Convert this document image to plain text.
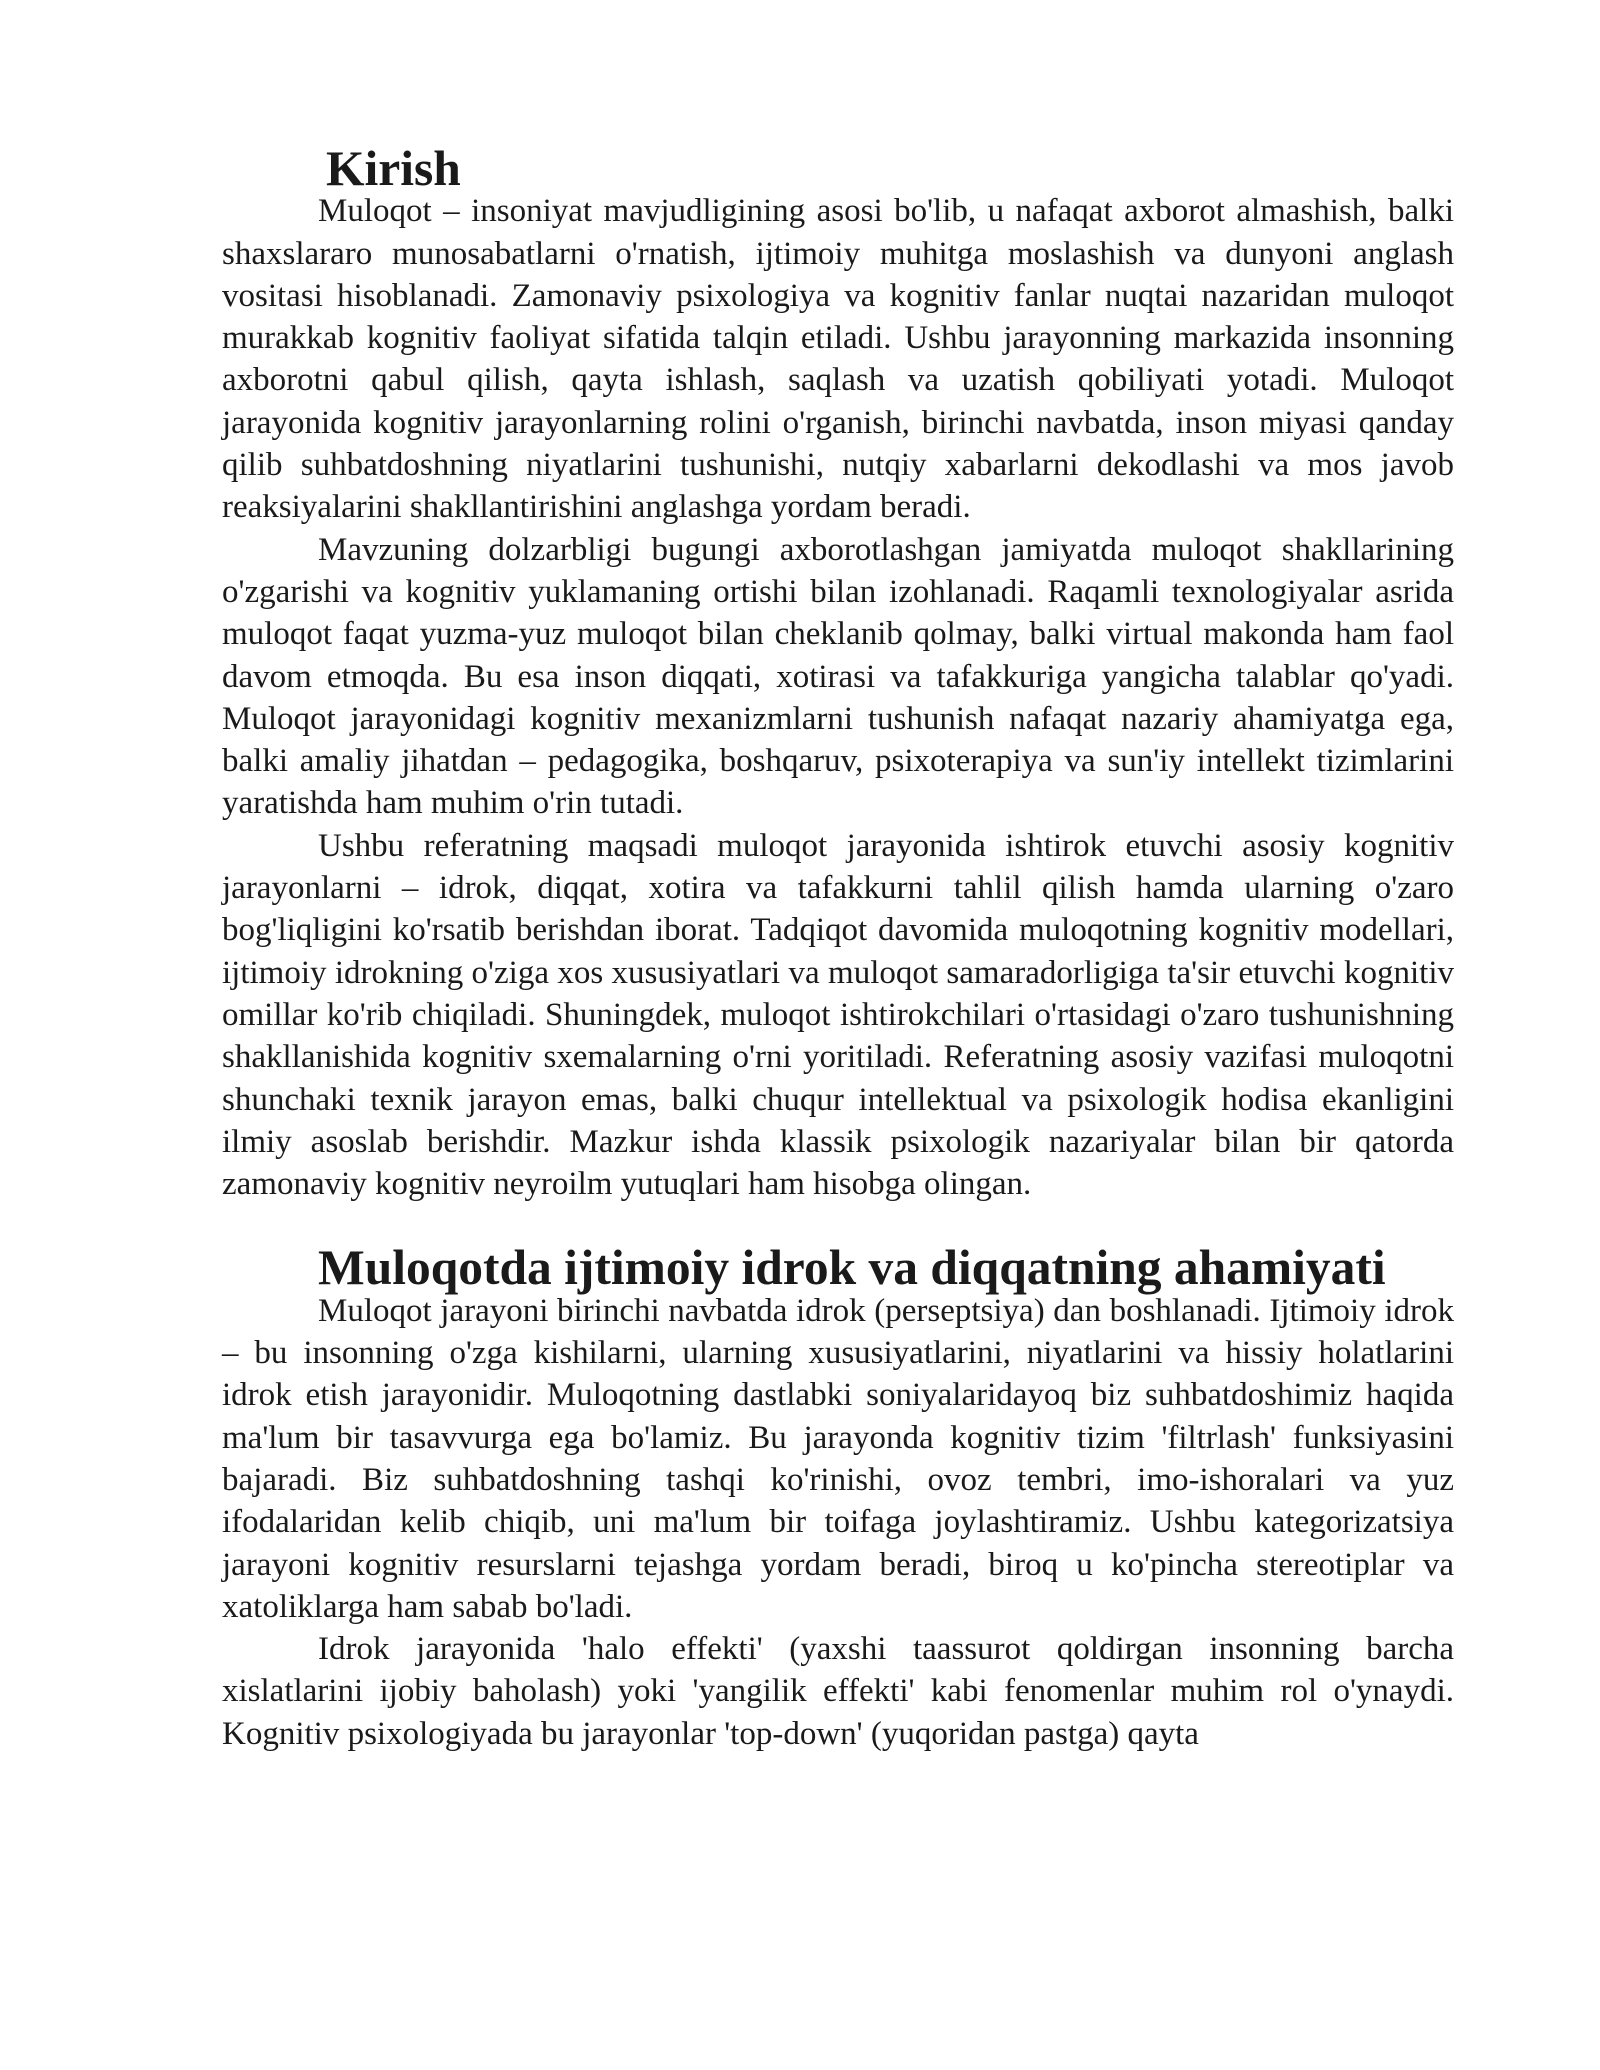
Kirish

Muloqot – insoniyat mavjudligining asosi bo'lib, u nafaqat axborot almashish, balki shaxslararo munosabatlarni o'rnatish, ijtimoiy muhitga moslashish va dunyoni anglash vositasi hisoblanadi. Zamonaviy psixologiya va kognitiv fanlar nuqtai nazaridan muloqot murakkab kognitiv faoliyat sifatida talqin etiladi. Ushbu jarayonning markazida insonning axborotni qabul qilish, qayta ishlash, saqlash va uzatish qobiliyati yotadi. Muloqot jarayonida kognitiv jarayonlarning rolini o'rganish, birinchi navbatda, inson miyasi qanday qilib suhbatdoshning niyatlarini tushunishi, nutqiy xabarlarni dekodlashi va mos javob reaksiyalarini shakllantirishini anglashga yordam beradi.

Mavzuning dolzarbligi bugungi axborotlashgan jamiyatda muloqot shakllarining o'zgarishi va kognitiv yuklamaning ortishi bilan izohlanadi. Raqamli texnologiyalar asrida muloqot faqat yuzma-yuz muloqot bilan cheklanib qolmay, balki virtual makonda ham faol davom etmoqda. Bu esa inson diqqati, xotirasi va tafakkuriga yangicha talablar qo'yadi. Muloqot jarayonidagi kognitiv mexanizmlarni tushunish nafaqat nazariy ahamiyatga ega, balki amaliy jihatdan – pedagogika, boshqaruv, psixoterapiya va sun'iy intellekt tizimlarini yaratishda ham muhim o'rin tutadi.

Ushbu referatning maqsadi muloqot jarayonida ishtirok etuvchi asosiy kognitiv jarayonlarni – idrok, diqqat, xotira va tafakkurni tahlil qilish hamda ularning o'zaro bog'liqligini ko'rsatib berishdan iborat. Tadqiqot davomida muloqotning kognitiv modellari, ijtimoiy idrokning o'ziga xos xususiyatlari va muloqot samaradorligiga ta'sir etuvchi kognitiv omillar ko'rib chiqiladi. Shuningdek, muloqot ishtirokchilari o'rtasidagi o'zaro tushunishning shakllanishida kognitiv sxemalarning o'rni yoritiladi. Referatning asosiy vazifasi muloqotni shunchaki texnik jarayon emas, balki chuqur intellektual va psixologik hodisa ekanligini ilmiy asoslab berishdir. Mazkur ishda klassik psixologik nazariyalar bilan bir qatorda zamonaviy kognitiv neyroilm yutuqlari ham hisobga olingan.

Muloqotda ijtimoiy idrok va diqqatning ahamiyati

Muloqot jarayoni birinchi navbatda idrok (perseptsiya) dan boshlanadi. Ijtimoiy idrok – bu insonning o'zga kishilarni, ularning xususiyatlarini, niyatlarini va hissiy holatlarini idrok etish jarayonidir. Muloqotning dastlabki soniyalaridayoq biz suhbatdoshimiz haqida ma'lum bir tasavvurga ega bo'lamiz. Bu jarayonda kognitiv tizim 'filtrlash' funksiyasini bajaradi. Biz suhbatdoshning tashqi ko'rinishi, ovoz tembri, imo-ishoralari va yuz ifodalaridan kelib chiqib, uni ma'lum bir toifaga joylashtiramiz. Ushbu kategorizatsiya jarayoni kognitiv resurslarni tejashga yordam beradi, biroq u ko'pincha stereotiplar va xatoliklarga ham sabab bo'ladi.

Idrok jarayonida 'halo effekti' (yaxshi taassurot qoldirgan insonning barcha xislatlarini ijobiy baholash) yoki 'yangilik effekti' kabi fenomenlar muhim rol o'ynaydi. Kognitiv psixologiyada bu jarayonlar 'top-down' (yuqoridan pastga) qayta
